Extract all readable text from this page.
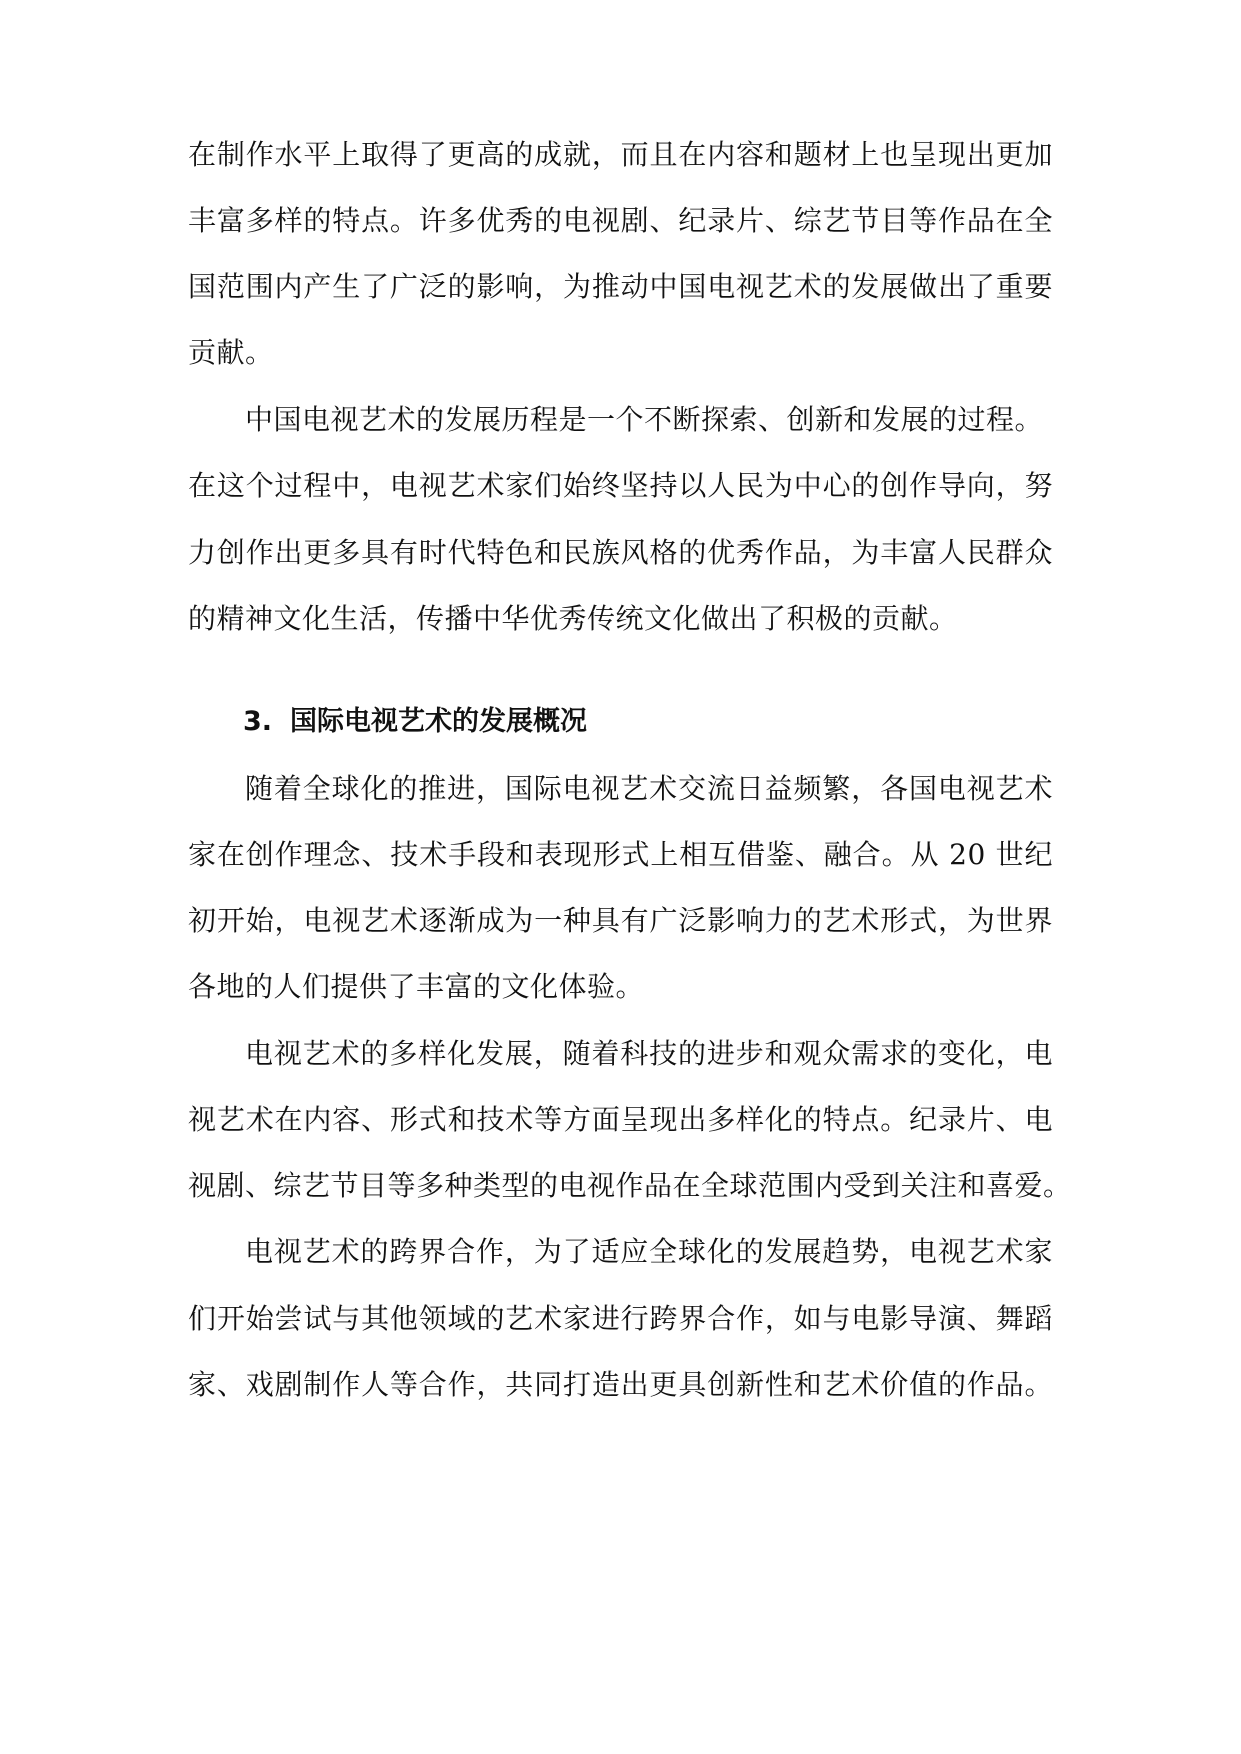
在制作水平上取得了更高的成就，而且在内容和题材上也呈现出更加
丰富多样的特点。许多优秀的电视剧、纪录片、综艺节目等作品在全
国范围内产生了广泛的影响，为推动中国电视艺术的发展做出了重要
贡献。
中国电视艺术的发展历程是一个不断探索、创新和发展的过程。
在这个过程中，电视艺术家们始终坚持以人民为中心的创作导向，努
力创作出更多具有时代特色和民族风格的优秀作品，为丰富人民群众
的精神文化生活，传播中华优秀传统文化做出了积极的贡献。
随着全球化的推进，国际电视艺术交流日益频繁，各国电视艺术
家在创作理念、技术手段和表现形式上相互借鉴、融合。从 20 世纪
初开始，电视艺术逐渐成为一种具有广泛影响力的艺术形式，为世界
各地的人们提供了丰富的文化体验。
电视艺术的多样化发展，随着科技的进步和观众需求的变化，电
视艺术在内容、形式和技术等方面呈现出多样化的特点。纪录片、电
视剧、综艺节目等多种类型的电视作品在全球范围内受到关注和喜爱。
电视艺术的跨界合作，为了适应全球化的发展趋势，电视艺术家
们开始尝试与其他领域的艺术家进行跨界合作，如与电影导演、舞蹈
家、戏剧制作人等合作，共同打造出更具创新性和艺术价值的作品。
3. 国际电视艺术的发展概况
